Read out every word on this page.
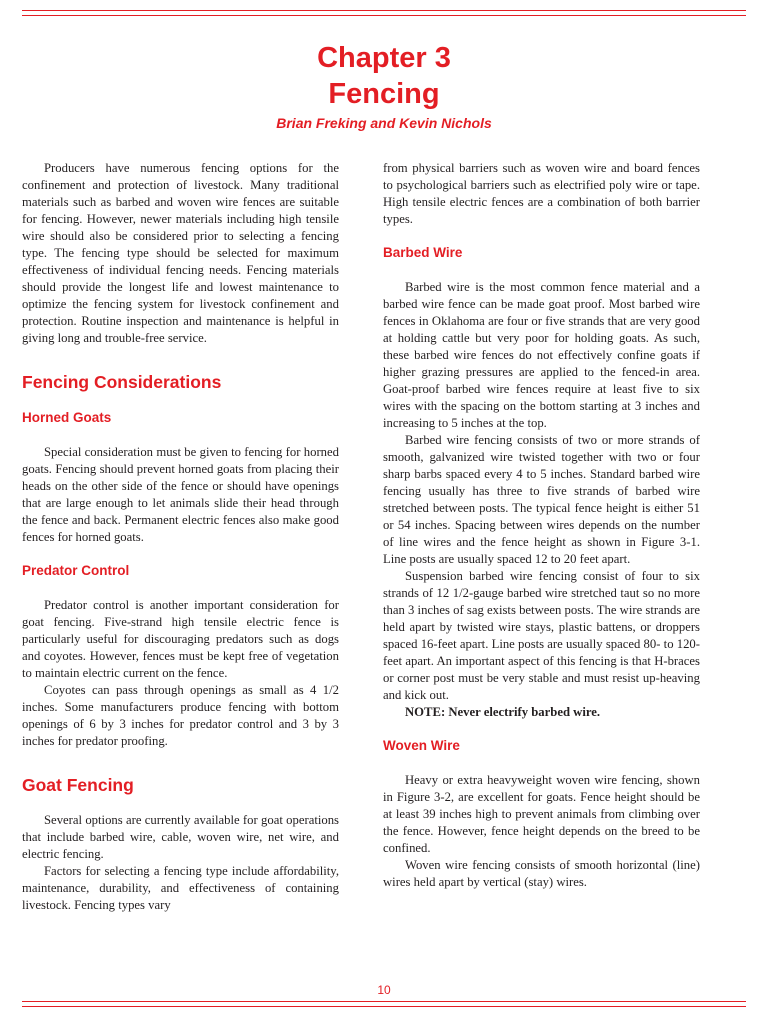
Chapter 3
Fencing
Brian Freking and Kevin Nichols

Producers have numerous fencing options for the confinement and protection of livestock. Many traditional materials such as barbed and woven wire fences are suitable for fencing. However, newer materials including high tensile wire should also be considered prior to selecting a fencing type. The fencing type should be selected for maximum effectiveness of individual fencing needs. Fencing materials should provide the longest life and lowest maintenance to optimize the fencing system for livestock confinement and protection. Routine inspection and maintenance is helpful in giving long and trouble-free service.

Fencing Considerations
Horned Goats

Special consideration must be given to fencing for horned goats. Fencing should prevent horned goats from placing their heads on the other side of the fence or should have openings that are large enough to let animals slide their head through the fence and back. Permanent electric fences also make good fences for horned goats.

Predator Control

Predator control is another important consideration for goat fencing. Five-strand high tensile electric fence is particularly useful for discouraging predators such as dogs and coyotes. However, fences must be kept free of vegetation to maintain electric current on the fence.

Coyotes can pass through openings as small as 4 1/2 inches. Some manufacturers produce fencing with bottom openings of 6 by 3 inches for predator control and 3 by 3 inches for predator proofing.

Goat Fencing

Several options are currently available for goat operations that include barbed wire, cable, woven wire, net wire, and electric fencing.

Factors for selecting a fencing type include affordability, maintenance, durability, and effectiveness of containing livestock. Fencing types vary

from physical barriers such as woven wire and board fences to psychological barriers such as electrified poly wire or tape. High tensile electric fences are a combination of both barrier types.

Barbed Wire

Barbed wire is the most common fence material and a barbed wire fence can be made goat proof. Most barbed wire fences in Oklahoma are four or five strands that are very good at holding cattle but very poor for holding goats. As such, these barbed wire fences do not effectively confine goats if higher grazing pressures are applied to the fenced-in area. Goat-proof barbed wire fences require at least five to six wires with the spacing on the bottom starting at 3 inches and increasing to 5 inches at the top.

Barbed wire fencing consists of two or more strands of smooth, galvanized wire twisted together with two or four sharp barbs spaced every 4 to 5 inches. Standard barbed wire fencing usually has three to five strands of barbed wire stretched between posts. The typical fence height is either 51 or 54 inches. Spacing between wires depends on the number of line wires and the fence height as shown in Figure 3-1. Line posts are usually spaced 12 to 20 feet apart.

Suspension barbed wire fencing consist of four to six strands of 12 1/2-gauge barbed wire stretched taut so no more than 3 inches of sag exists between posts. The wire strands are held apart by twisted wire stays, plastic battens, or droppers spaced 16-feet apart. Line posts are usually spaced 80- to 120-feet apart. An important aspect of this fencing is that H-braces or corner post must be very stable and must resist up-heaving and kick out.

NOTE: Never electrify barbed wire.

Woven Wire

Heavy or extra heavyweight woven wire fencing, shown in Figure 3-2, are excellent for goats. Fence height should be at least 39 inches high to prevent animals from climbing over the fence. However, fence height depends on the breed to be confined.

Woven wire fencing consists of smooth horizontal (line) wires held apart by vertical (stay) wires.

10
